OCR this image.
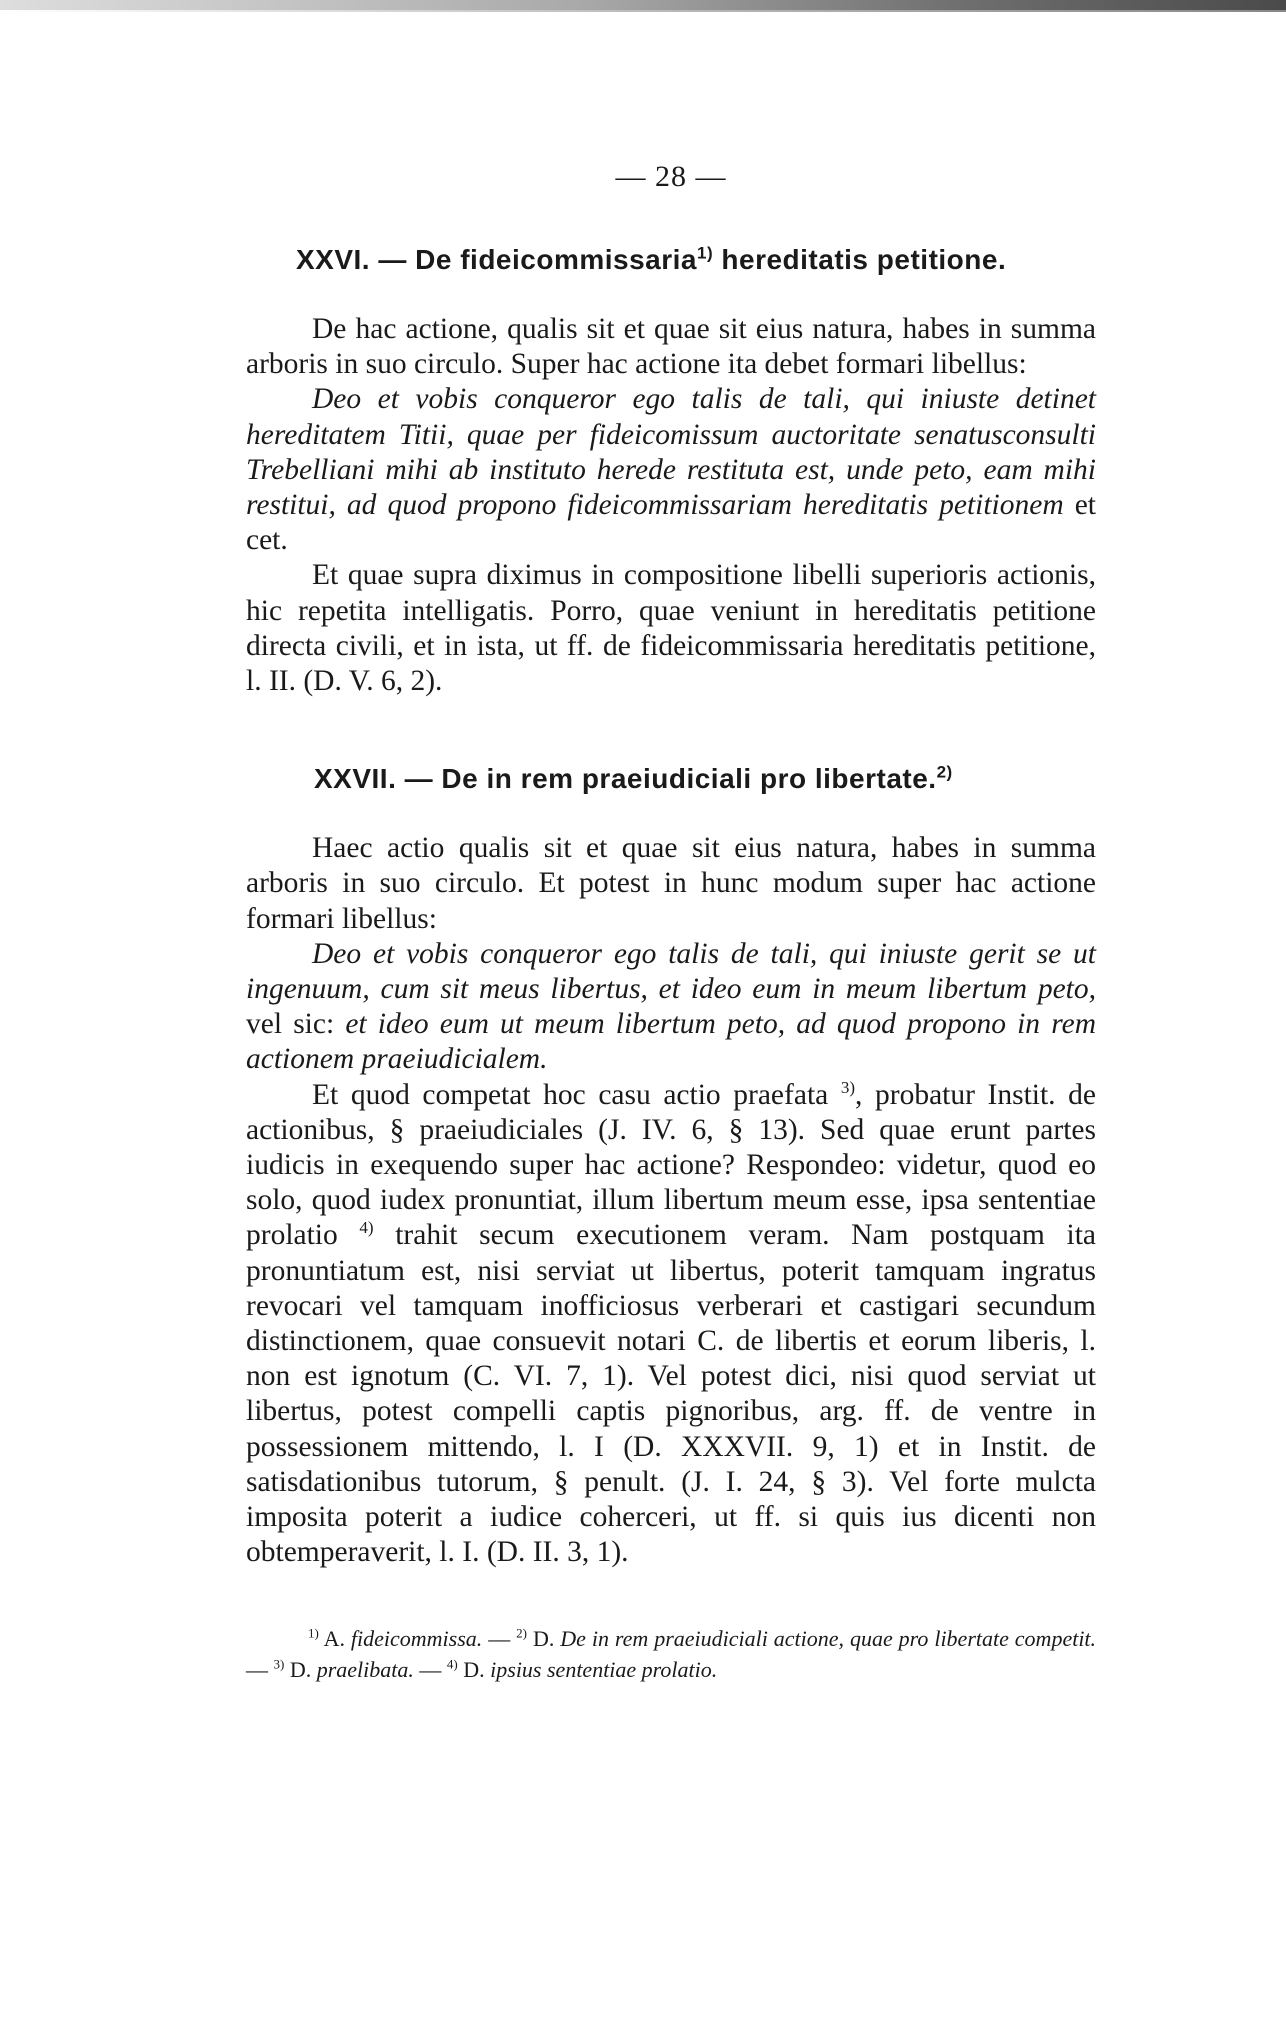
— 28 —
XXVI. — De fideicommissaria$^{1)}$ hereditatis petitione.

De hac actione, qualis sit et quae sit eius natura, habes in summa arboris in suo circulo. Super hac actione ita debet formari libellus:

Deo et vobis conqueror ego talis de tali, qui iniuste detinet hereditatem Titii, quae per fideicomissum auctoritate senatusconsulti Trebelliani mihi ab instituto herede restituta est, unde peto, eam mihi restitui, ad quod propono fideicommissariam hereditatis petitionem et cet.

Et quae supra diximus in compositione libelli superioris actionis, hic repetita intelligatis. Porro, quae veniunt in hereditatis petitione directa civili, et in ista, ut ff. de fideicommissaria hereditatis petitione, l. II. (D. V. 6, 2).

XXVII. — De in rem praeiudiciali pro libertate.$^{2)}$

Haec actio qualis sit et quae sit eius natura, habes in summa arboris in suo circulo. Et potest in hunc modum super hac actione formari libellus:

Deo et vobis conqueror ego talis de tali, qui iniuste gerit se ut ingenuum, cum sit meus libertus, et ideo eum in meum libertum peto, vel sic: et ideo eum ut meum libertum peto, ad quod propono in rem actionem praeiudicialem.

Et quod competat hoc casu actio praefata $^{3)}$, probatur Instit. de actionibus, § praeiudiciales (J. IV. 6, § 13). Sed quae erunt partes iudicis in exequendo super hac actione? Respondeo: videtur, quod eo solo, quod iudex pronuntiat, illum libertum meum esse, ipsa sententiae prolatio $^{4)}$ trahit secum executionem veram. Nam postquam ita pronuntiatum est, nisi serviat ut libertus, poterit tamquam ingratus revocari vel tamquam inofficiosus verberari et castigari secundum distinctionem, quae consuevit notari C. de libertis et eorum liberis, l. non est ignotum (C. VI. 7, 1). Vel potest dici, nisi quod serviat ut libertus, potest compelli captis pignoribus, arg. ff. de ventre in possessionem mittendo, l. I (D. XXXVII. 9, 1) et in Instit. de satisdationibus tutorum, § penult. (J. I. 24, § 3). Vel forte mulcta imposita poterit a iudice coherceri, ut ff. si quis ius dicenti non obtemperaverit, l. I. (D. II. 3, 1).

$^{1)}$ A. fideicommissa. — $^{2)}$ D. De in rem praeiudiciali actione, quae pro libertate competit. — $^{3)}$ D. praelibata. — $^{4)}$ D. ipsius sententiae prolatio.
